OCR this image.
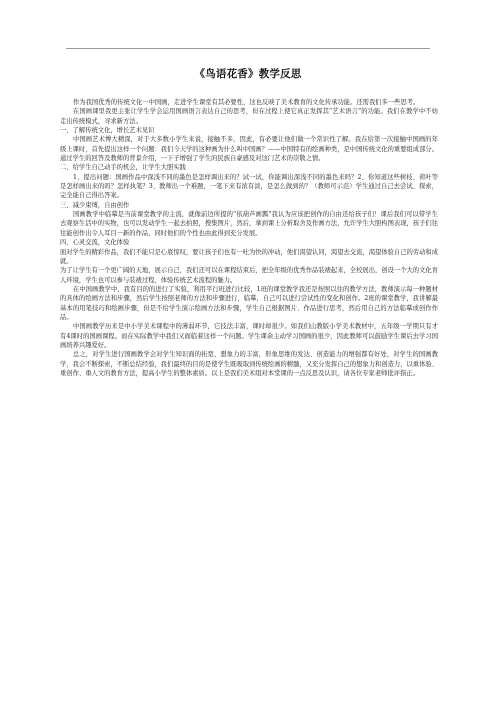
《鸟语花香》教学反思

作为我国优秀的传统文化一中国画，走进学生课堂有其必要性，这也反映了美术教育的文化传承功能。还需我们多一些思考。

在国画课里我更主张让学生学会运用国画语言表达自己的思考，但在过程上使它真正发挥其“艺术语言”的功能。我们在教学中不妨走出传统模式，寻求新方法。

一、了解传统文化，增长艺术见识

中国画艺术博大精深，对于大多数小学生来说，接触不多，因此，有必要让他们做一个常识性了解。我在给第一次接触中国画的年级上课时，首先提出这样一个问题：我们今天学的这种画为什么叫中国画？——中国特有的绘画种类，是中国传统文化的重要组成部分。通过学生的回答及教师的背景介绍，一下子增强了学生的民族自豪感及对这门艺术的崇敬之情。

二、给学生自己动手的机会，让学生大胆实践

1、提出问题：国画作品中深浅不同的墨色是怎样调出来的？试一试，你能调出深浅不同的墨色来吗？2、你知道这些树枝、荷叶等是怎样画出来的吗？怎样执笔？3、教师出一个难题，一笔下来有浓有淡，是怎么做到的？（教师可示范）学生通过自己去尝试、探索，完全能自己得出答案。

三、减少束缚，自由创作

国画教学中临摹是当前课堂教学的主流，就像前边所提的“依葫芦画瓢”我认为应该把创作的自由还给孩子们！课后我们可以带学生去观察生活中的实物，也可以发动学生一起去拍照，搜集图片，然后，拿到课上分析取舍及作画方法，允许学生大胆构图表现，孩子们往往能创作出令人耳目一新的作品，同时他们的个性也由此得到充分发展。

四、心灵交流，文化体验

面对学生的精彩作品，我们不能只是心底惊叹，要让孩子们也有一吐为快的冲动，他们渴望认同，渴望去交流，渴望体验自己的劳动和成就。

为了让学生有一个更广阔的天地，展示自己，我们还可以在课程结束后，把全年级的优秀作品装裱起来，全校展出，创设一个大的文化育人环境，学生也可以参与装裱过程，体验传统艺术流程的魅力。

在中国画教学中，我有目的的进行了实验，利用平行班进行比较，1班的课堂教学我还是按照以往的教学方法，教师演示每一种题材的具体的绘画方法和步骤，然后学生按照老师的方法和步骤进行，临摹，自己可以进行尝试性的变化和创作。2班的课堂教学，我讲解最基本的用笔技巧和绘画步骤，但是不给学生演示绘画方法和步骤，学生自己根据图片、作品进行思考，然后用自己的方法临摹或创作作品。

中国画教学历来是中小学美术课程中的薄弱环节，它技法丰富，课时却很少。如我们山教版小学美术教材中，五年级一学期只有才有4课时的国画课程。而在实际教学中我们又面临着这样一个问题。学生课余主动学习国画的很少，因此教师可以鼓励学生课后去学习国画培养兴趣爱好。

总之，对学生进行国画教学会对学生知识面的拓宽、想象力的丰富，形象思维的发达、创造能力的增强都有好处，对学生的国画教学，我会不断探索，不断总结经验，我们最终的目的是使学生既吸取到传统绘画的精髓，又充分发挥自己的想象力和创造力，以重体验、重创作、重人文的教育方法，提高小学生的整体素质。以上是我们美术组对本堂课的一点反思及认识，请各位专家老师批评指正。
